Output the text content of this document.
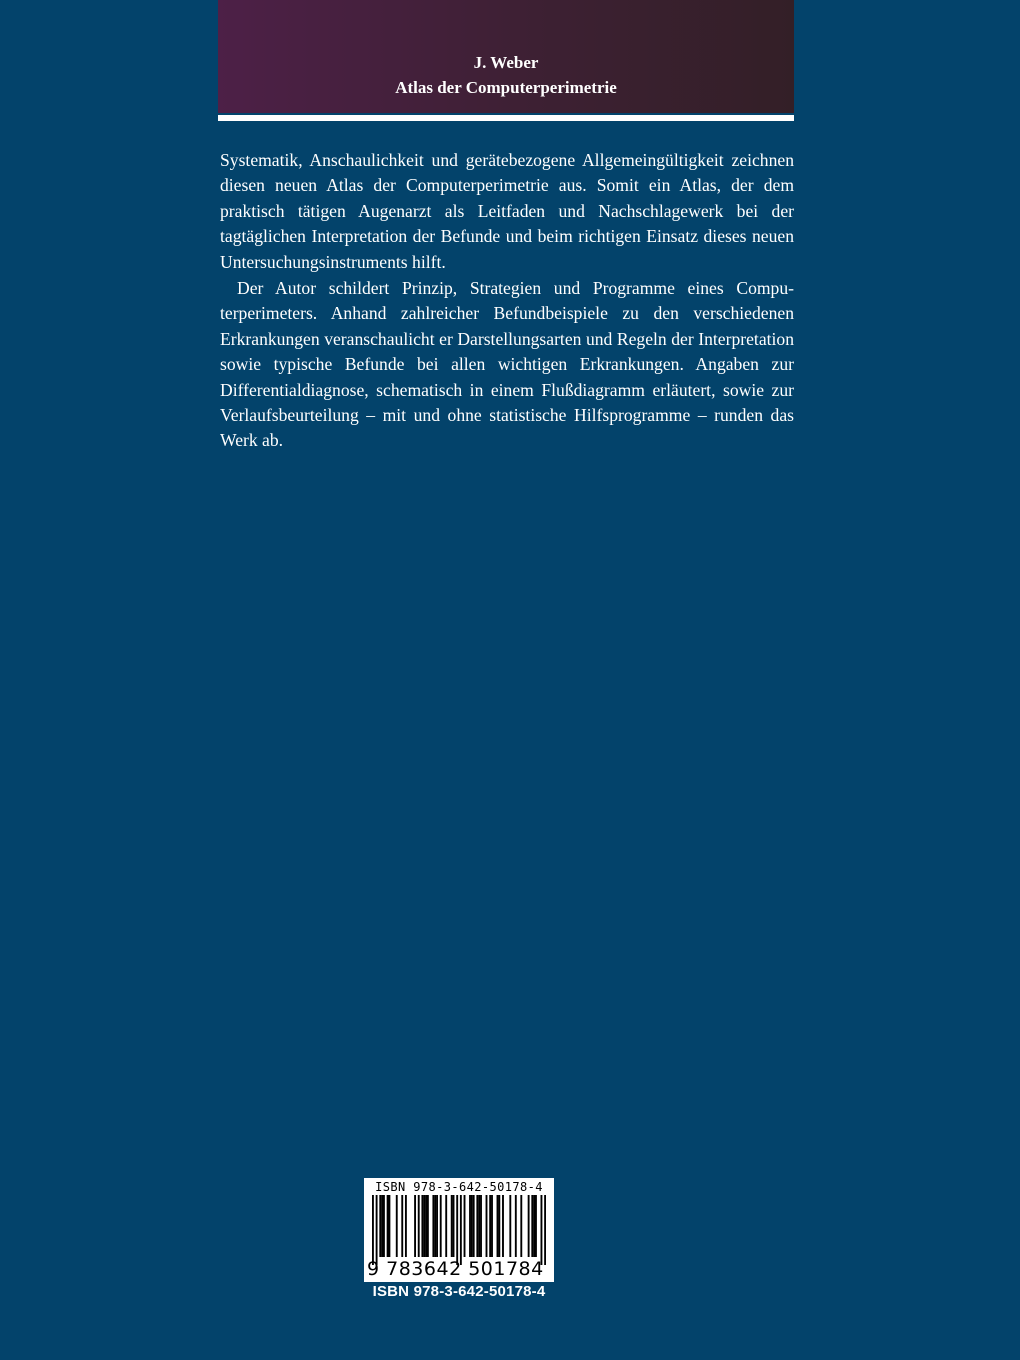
J. Weber
Atlas der Computerperimetrie

Systematik, Anschaulichkeit und gerätebezogene Allgemeingültigkeit zeichnen diesen neuen Atlas der Computerperimetrie aus. Somit ein Atlas, der dem praktisch tätigen Augenarzt als Leitfaden und Nachschlagewerk bei der tagtäglichen Interpretation der Befunde und beim richtigen Einsatz dieses neuen Untersuchungsinstruments hilft.

Der Autor schildert Prinzip, Strategien und Programme eines Computerperimeters. Anhand zahlreicher Befundbeispiele zu den verschiedenen Erkrankungen veranschaulicht er Darstellungsarten und Regeln der Interpretation sowie typische Befunde bei allen wichtigen Erkrankungen. Angaben zur Differentialdiagnose, schematisch in einem Flußdiagramm erläutert, sowie zur Verlaufsbeurteilung – mit und ohne statistische Hilfsprogramme – runden das Werk ab.

ISBN 978-3-642-50178-4
9 783642 501784
ISBN 978-3-642-50178-4
